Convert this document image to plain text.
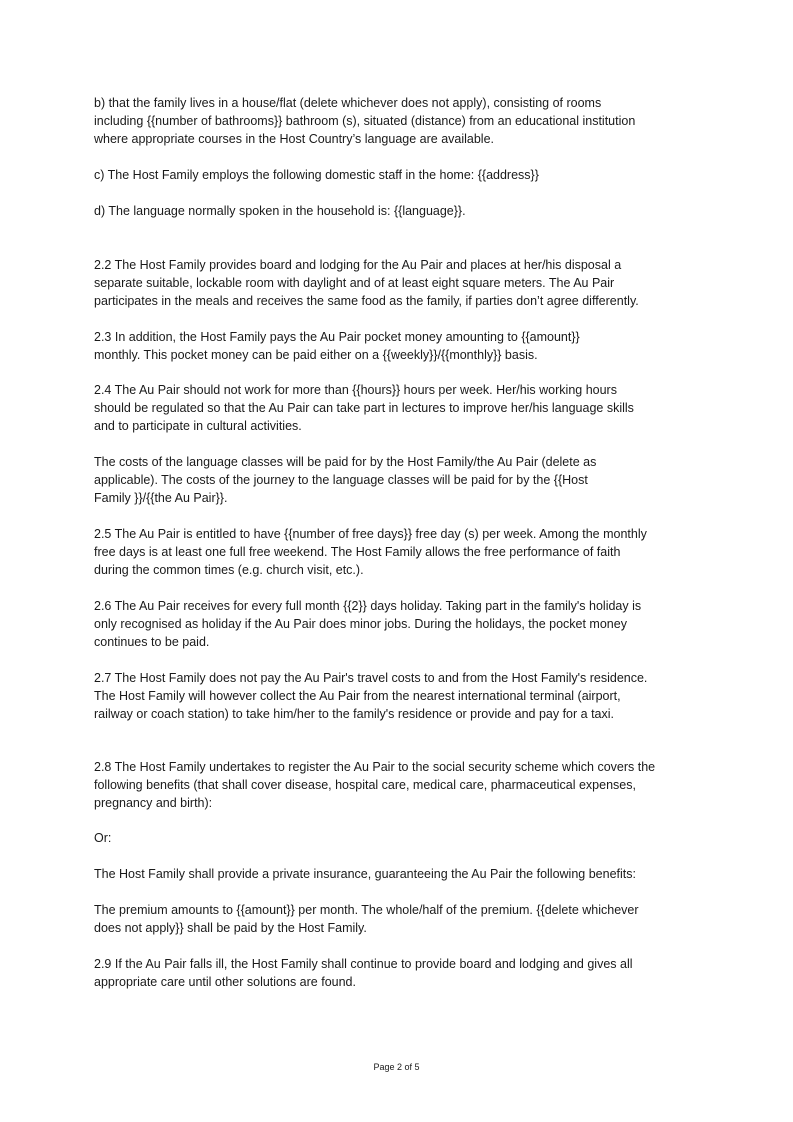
b) that the family lives in a house/flat (delete whichever does not apply), consisting of rooms
including {{number of bathrooms}} bathroom (s), situated (distance) from an educational institution
where appropriate courses in the Host Country’s language are available.

c) The Host Family employs the following domestic staff in the home: {{address}}

d) The language normally spoken in the household is: {{language}}.

2.2 The Host Family provides board and lodging for the Au Pair and places at her/his disposal a
separate suitable, lockable room with daylight and of at least eight square meters. The Au Pair
participates in the meals and receives the same food as the family, if parties don’t agree differently.

2.3 In addition, the Host Family pays the Au Pair pocket money amounting to {{amount}}
monthly. This pocket money can be paid either on a {{weekly}}/{{monthly}} basis.

2.4 The Au Pair should not work for more than {{hours}} hours per week. Her/his working hours
should be regulated so that the Au Pair can take part in lectures to improve her/his language skills
and to participate in cultural activities.

The costs of the language classes will be paid for by the Host Family/the Au Pair (delete as
applicable). The costs of the journey to the language classes will be paid for by the {{Host
Family }}/{{the Au Pair}}.

2.5 The Au Pair is entitled to have {{number of free days}} free day (s) per week. Among the monthly
free days is at least one full free weekend. The Host Family allows the free performance of faith
during the common times (e.g. church visit, etc.).

2.6 The Au Pair receives for every full month {{2}} days holiday. Taking part in the family's holiday is
only recognised as holiday if the Au Pair does minor jobs. During the holidays, the pocket money
continues to be paid.

2.7 The Host Family does not pay the Au Pair's travel costs to and from the Host Family's residence.
The Host Family will however collect the Au Pair from the nearest international terminal (airport,
railway or coach station) to take him/her to the family's residence or provide and pay for a taxi.

2.8 The Host Family undertakes to register the Au Pair to the social security scheme which covers the
following benefits (that shall cover disease, hospital care, medical care, pharmaceutical expenses,
pregnancy and birth):

Or:

The Host Family shall provide a private insurance, guaranteeing the Au Pair the following benefits:

The premium amounts to {{amount}} per month. The whole/half of the premium. {{delete whichever
does not apply}} shall be paid by the Host Family.

2.9 If the Au Pair falls ill, the Host Family shall continue to provide board and lodging and gives all
appropriate care until other solutions are found.

Page 2 of 5
